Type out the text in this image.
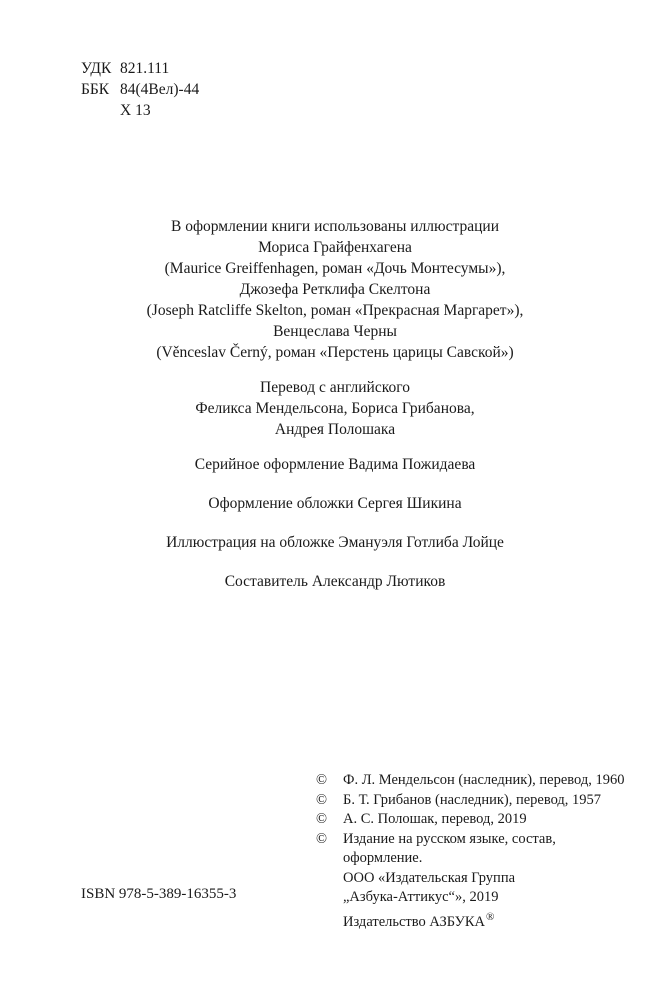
УДК 821.111
ББК 84(4Вел)-44
Х 13
В оформлении книги использованы иллюстрации
Мориса Грайфенхагена
(Maurice Greiffenhagen, роман «Дочь Монтесумы»),
Джозефа Ретклифа Скелтона
(Joseph Ratcliffe Skelton, роман «Прекрасная Маргарет»),
Венцеслава Черны
(Věnceslav Černý, роман «Перстень царицы Савской»)
Перевод с английского
Феликса Мендельсона, Бориса Грибанова,
Андрея Полошака
Серийное оформление Вадима Пожидаева
Оформление обложки Сергея Шикина
Иллюстрация на обложке Эмануэля Готлиба Лойце
Составитель Александр Лютиков
©	Ф. Л. Мендельсон (наследник), перевод, 1960
©	Б. Т. Грибанов (наследник), перевод, 1957
©	А. С. Полошак, перевод, 2019
©	Издание на русском языке, состав,
оформление.
ООО «Издательская Группа
„Азбука-Аттикус“», 2019
Издательство АЗБУКА®
ISBN 978-5-389-16355-3
